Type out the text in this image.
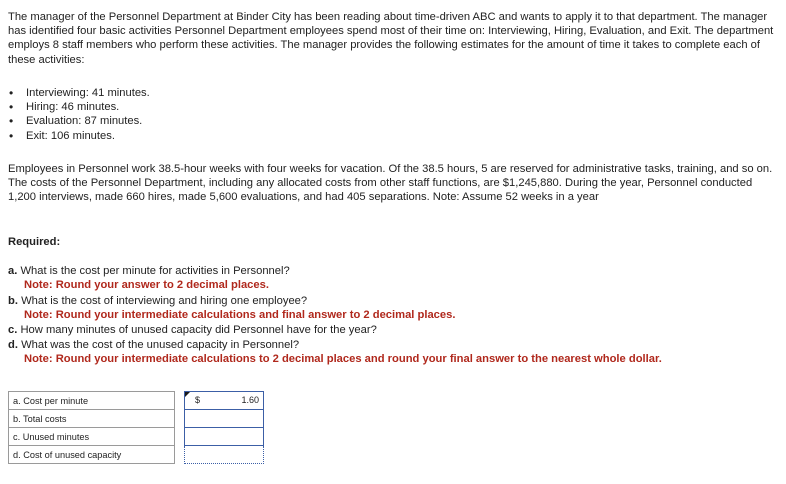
The manager of the Personnel Department at Binder City has been reading about time-driven ABC and wants to apply it to that department. The manager has identified four basic activities Personnel Department employees spend most of their time on: Interviewing, Hiring, Evaluation, and Exit. The department employs 8 staff members who perform these activities. The manager provides the following estimates for the amount of time it takes to complete each of these activities:

• Interviewing: 41 minutes.
• Hiring: 46 minutes.
• Evaluation: 87 minutes.
• Exit: 106 minutes.

Employees in Personnel work 38.5-hour weeks with four weeks for vacation. Of the 38.5 hours, 5 are reserved for administrative tasks, training, and so on. The costs of the Personnel Department, including any allocated costs from other staff functions, are $1,245,880. During the year, Personnel conducted 1,200 interviews, made 660 hires, made 5,600 evaluations, and had 405 separations. Note: Assume 52 weeks in a year

Required:
a. What is the cost per minute for activities in Personnel?
Note: Round your answer to 2 decimal places.
b. What is the cost of interviewing and hiring one employee?
Note: Round your intermediate calculations and final answer to 2 decimal places.
c. How many minutes of unused capacity did Personnel have for the year?
d. What was the cost of the unused capacity in Personnel?
Note: Round your intermediate calculations to 2 decimal places and round your final answer to the nearest whole dollar.
a. Cost per minute		$ 1.60

b. Total costs		

c. Unused minutes		

d. Cost of unused capacity		
